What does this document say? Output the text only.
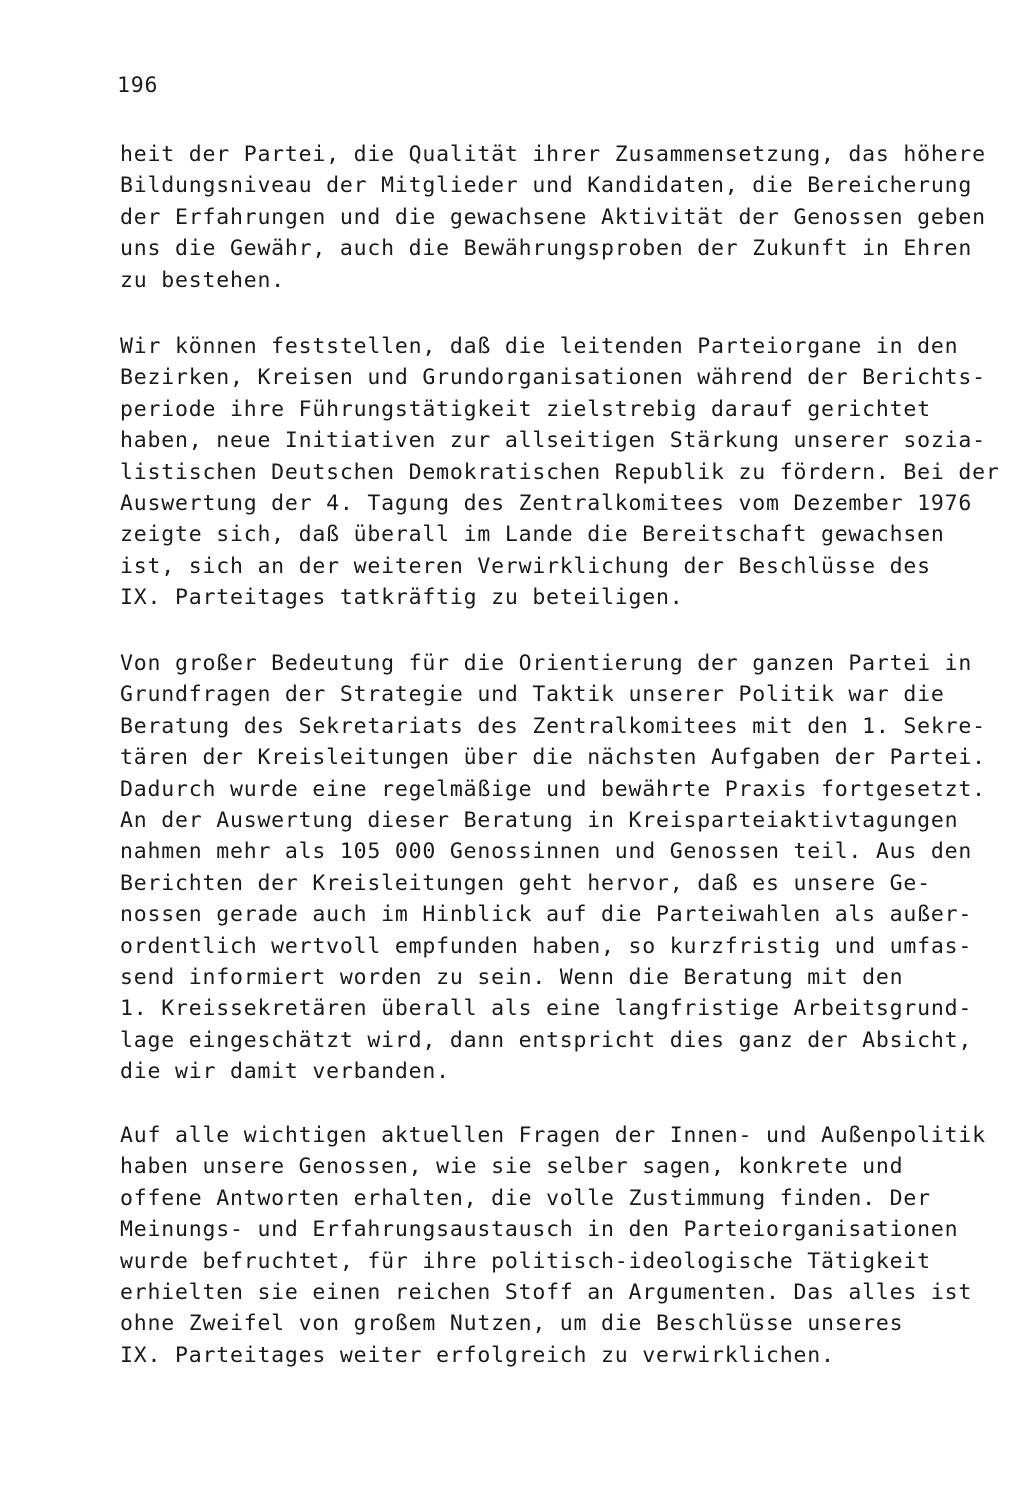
196

heit der Partei, die Qualität ihrer Zusammensetzung, das höhere
Bildungsniveau der Mitglieder und Kandidaten, die Bereicherung
der Erfahrungen und die gewachsene Aktivität der Genossen geben
uns die Gewähr, auch die Bewährungsproben der Zukunft in Ehren
zu bestehen.

Wir können feststellen, daß die leitenden Parteiorgane in den
Bezirken, Kreisen und Grundorganisationen während der Berichts-
periode ihre Führungstätigkeit zielstrebig darauf gerichtet
haben, neue Initiativen zur allseitigen Stärkung unserer sozia-
listischen Deutschen Demokratischen Republik zu fördern. Bei der
Auswertung der 4. Tagung des Zentralkomitees vom Dezember 1976
zeigte sich, daß überall im Lande die Bereitschaft gewachsen
ist, sich an der weiteren Verwirklichung der Beschlüsse des
IX. Parteitages tatkräftig zu beteiligen.

Von großer Bedeutung für die Orientierung der ganzen Partei in
Grundfragen der Strategie und Taktik unserer Politik war die
Beratung des Sekretariats des Zentralkomitees mit den 1. Sekre-
tären der Kreisleitungen über die nächsten Aufgaben der Partei.
Dadurch wurde eine regelmäßige und bewährte Praxis fortgesetzt.
An der Auswertung dieser Beratung in Kreisparteiaktivtagungen
nahmen mehr als 105 000 Genossinnen und Genossen teil. Aus den
Berichten der Kreisleitungen geht hervor, daß es unsere Ge-
nossen gerade auch im Hinblick auf die Parteiwahlen als außer-
ordentlich wertvoll empfunden haben, so kurzfristig und umfas-
send informiert worden zu sein. Wenn die Beratung mit den
1. Kreissekretären überall als eine langfristige Arbeitsgrund-
lage eingeschätzt wird, dann entspricht dies ganz der Absicht,
die wir damit verbanden.

Auf alle wichtigen aktuellen Fragen der Innen- und Außenpolitik
haben unsere Genossen, wie sie selber sagen, konkrete und
offene Antworten erhalten, die volle Zustimmung finden. Der
Meinungs- und Erfahrungsaustausch in den Parteiorganisationen
wurde befruchtet, für ihre politisch-ideologische Tätigkeit
erhielten sie einen reichen Stoff an Argumenten. Das alles ist
ohne Zweifel von großem Nutzen, um die Beschlüsse unseres
IX. Parteitages weiter erfolgreich zu verwirklichen.
